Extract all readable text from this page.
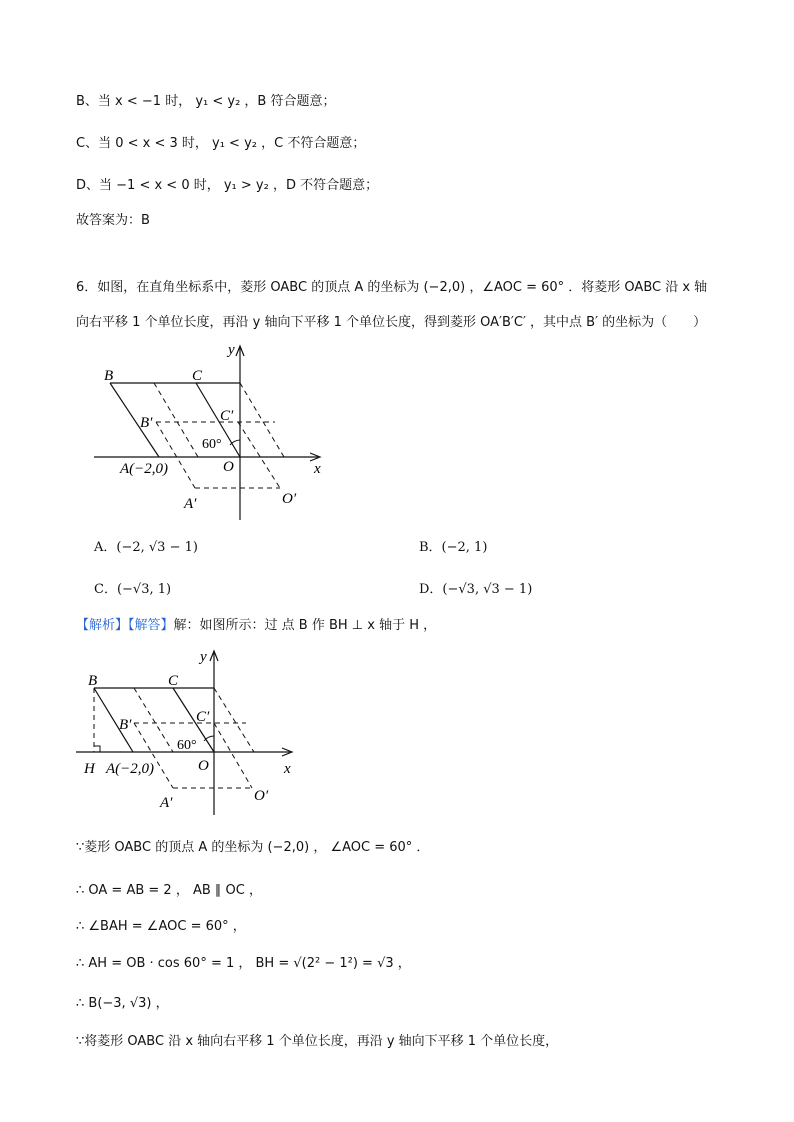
B、当 x < −1 时， y₁ < y₂ ，B 符合题意；
C、当 0 < x < 3 时， y₁ < y₂ ，C 不符合题意；
D、当 −1 < x < 0 时， y₁ > y₂ ，D 不符合题意；
故答案为：B
6．如图，在直角坐标系中，菱形 OABC 的顶点 A 的坐标为 (−2,0) ，∠AOC = 60° ．将菱形 OABC 沿 x 轴
向右平移 1 个单位长度，再沿 y 轴向下平移 1 个单位长度，得到菱形 OA′B′C′ ，其中点 B′ 的坐标为（　　）
y
x
B	C
B′	C′
60°
O
A(−2,0)
A′	O′
A．(−2, √3 − 1)	B．(−2, 1)
C．(−√3, 1)	D．(−√3, √3 − 1)
【解析】【解答】解：如图所示：过 点 B 作 BH ⊥ x 轴于 H ，
y
x
B	C
B′	C′
60°
O
H A(−2,0)
A′	O′
∵菱形 OABC 的顶点 A 的坐标为 (−2,0) ， ∠AOC = 60° ．
∴ OA = AB = 2 ， AB ∥ OC ，
∴ ∠BAH = ∠AOC = 60° ，
∴ AH = OB · cos 60° = 1 ， BH = √(2² − 1²) = √3 ，
∴ B(−3, √3) ，
∵将菱形 OABC 沿 x 轴向右平移 1 个单位长度，再沿 y 轴向下平移 1 个单位长度，
